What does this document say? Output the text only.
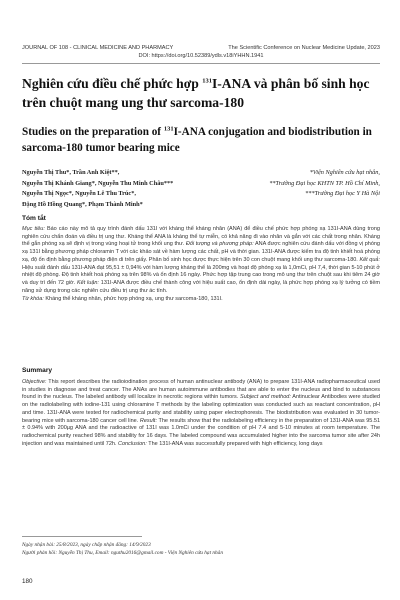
JOURNAL OF 108 - CLINICAL MEDICINE AND PHARMACY	The Scientific Conference on Nuclear Medicine Update, 2023
DOI: https://doi.org/10.52389/ydls.v18iYHHN.1941
Nghiên cứu điều chế phức hợp $^{131}$I-ANA và phân bố sinh học trên chuột mang ung thư sarcoma-180
Studies on the preparation of $^{131}$I-ANA conjugation and biodistribution in sarcoma-180 tumor bearing mice
Nguyễn Thị Thu*, Trần Anh Kiệt**,
Nguyễn Thị Khánh Giang*, Nguyễn Thu Minh Châu***
Nguyễn Thị Ngọc*, Nguyễn Lê Thu Trúc*,
Đặng Hồ Hồng Quang*, Phạm Thành Minh*
*Viện Nghiên cứu hạt nhân,
**Trường Đại học KHTN TP. Hồ Chí Minh,
***Trường Đại học Y Hà Nội
Tóm tắt

Mục tiêu: Báo cáo này mô tả quy trình đánh dấu 131I với kháng thể kháng nhân (ANA) để điều chế phức hợp phóng xạ 131I-ANA dùng trong nghiên cứu chẩn đoán và điều trị ung thư. Kháng thể ANA là kháng thể tự miễn, có khả năng đi vào nhân và gắn với các chất trong nhân. Kháng thể gắn phóng xạ sẽ định vị trong vùng hoại tử trong khối ung thư. Đối tượng và phương pháp: ANA được nghiên cứu đánh dấu với đồng vị phóng xạ 131I bằng phương pháp chloramin T với các khảo sát về hàm lượng các chất, pH và thời gian. 131I-ANA được kiểm tra độ tinh khiết hoá phóng xạ, độ ổn định bằng phương pháp điện di trên giấy. Phân bố sinh học được thực hiện trên 30 con chuột mang khối ung thư sarcoma-180. Kết quả: Hiệu suất đánh dấu 131I-ANA đạt 95,51 ± 0,94% với hàm lượng kháng thể là 200mg và hoạt độ phóng xạ là 1,0mCi, pH 7,4, thời gian 5-10 phút ở nhiệt độ phòng. Độ tinh khiết hoá phóng xạ trên 98% và ổn định 16 ngày. Phức hợp tập trung cao trong mô ung thư trên chuột sau khi tiêm 24 giờ và duy trì đến 72 giờ. Kết luận: 131I-ANA được điều chế thành công với hiệu suất cao, ổn định dài ngày, là phức hợp phóng xạ lý tưởng có tiềm năng sử dụng trong các nghiên cứu điều trị ung thư ác tính.

Từ khóa: Kháng thể kháng nhân, phức hợp phóng xạ, ung thư sarcoma-180, 131I.

Summary

Objective: This report describes the radioiodination process of human antinuclear antibody (ANA) to prepare 131I-ANA radiopharmaceutical used in studies in diagnose and treat cancer. The ANAs are human autoimmune antibodies that are able to enter the nucleus and bind to substances found in the nucleus. The labeled antibody will localize in necrotic regions within tumors. Subject and method: Antinuclear Antibodies were studied on the radiolabeling with iodine-131 using chloramine T methods by the labeling optimization was conducted such as reactant concentration, pH and time. 131I-ANA were tested for radiochemical purity and stability using paper electrophoresis. The biodistribution was evaluated in 30 tumor-bearing mice with sarcoma-180 cancer cell line. Result: The results show that the radiolabeling efficiency in the preparation of 131I-ANA was 95.51 ± 0.94% with 200µg ANA and the radioactive of 131I was 1.0mCi under the condition of pH 7.4 and 5-10 minutes at room temperature. The radiochemical purity reached 98% and stability for 16 days. The labeled compound was accumulated higher into the sarcoma tumor site after 24h injection and was maintained until 72h. Conclusion: The 131I-ANA was successfully prepared with high efficiency, long days

Ngày nhận bài: 25/8/2023, ngày chấp nhận đăng: 14/9/2023
Người phản hồi: Nguyễn Thị Thu, Email: nguthu2016@gmail.com - Viện Nghiên cứu hạt nhân
180
